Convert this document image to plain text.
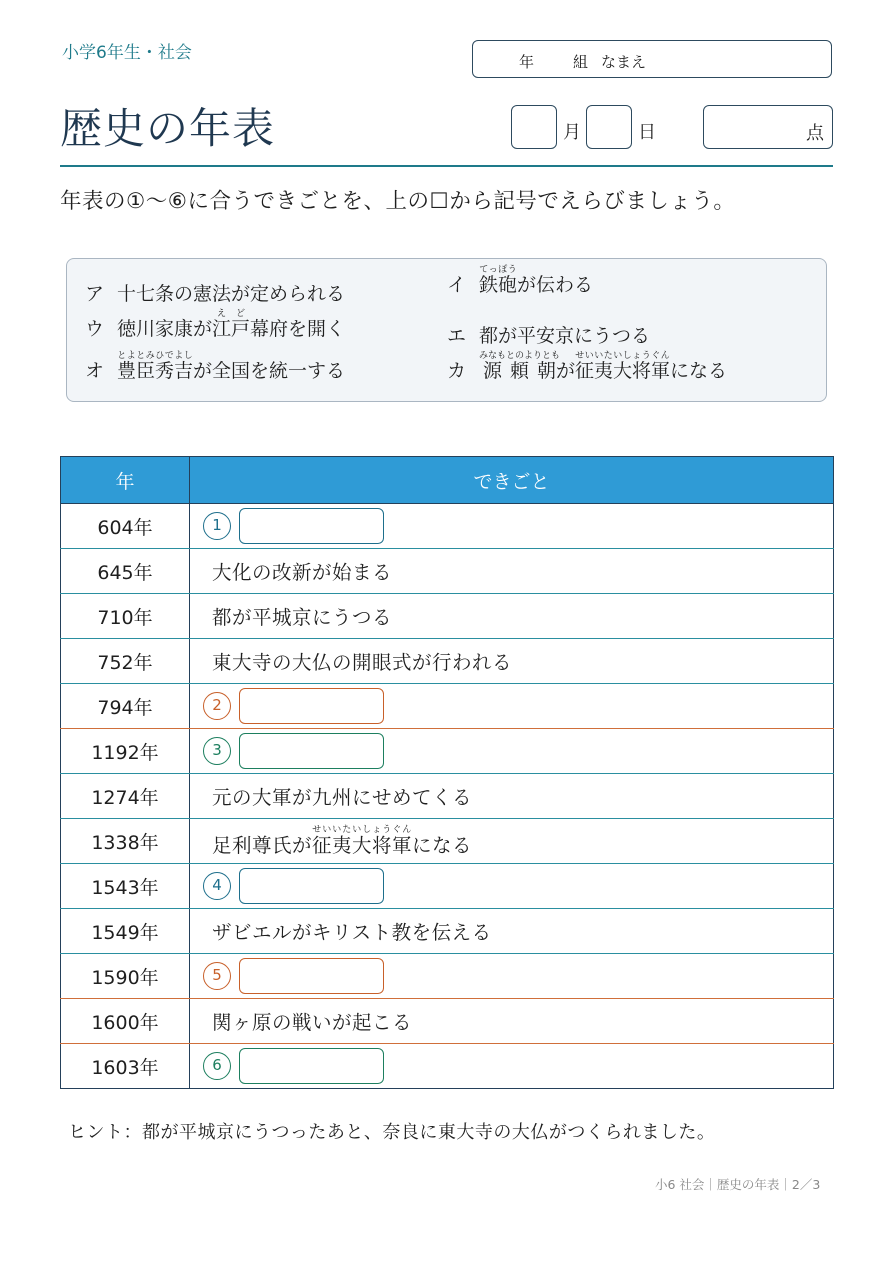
小学6年生・社会	年	組 なまえ
歴史の年表	月	日	点
年表の①〜⑥に合うできごとを、上の☐から記号でえらびましょう。
ア 十七条の憲法が定められる	イ 鉄砲てっぽうが伝わる
ウ 徳川家康が江戸えど幕府を開く	エ 都が平安京にうつる
オ 豊臣秀吉とよとみひでよしが全国を統一する	カ 源頼朝みなもとのよりともが征夷大将軍せいいたいしょうぐんになる
年	できごと
604年	1
645年	大化の改新が始まる
710年	都が平城京にうつる
752年	東大寺の大仏の開眼式が行われる
794年	2
1192年	3
1274年	元の大軍が九州にせめてくる
1338年	足利尊氏が征夷大将軍せいいたいしょうぐんになる
1543年	4
1549年	ザビエルがキリスト教を伝える
1590年	5
1600年	関ヶ原の戦いが起こる
1603年	6
ヒント：都が平城京にうつったあと、奈良に東大寺の大仏がつくられました。
小6 社会｜歴史の年表｜2／3
